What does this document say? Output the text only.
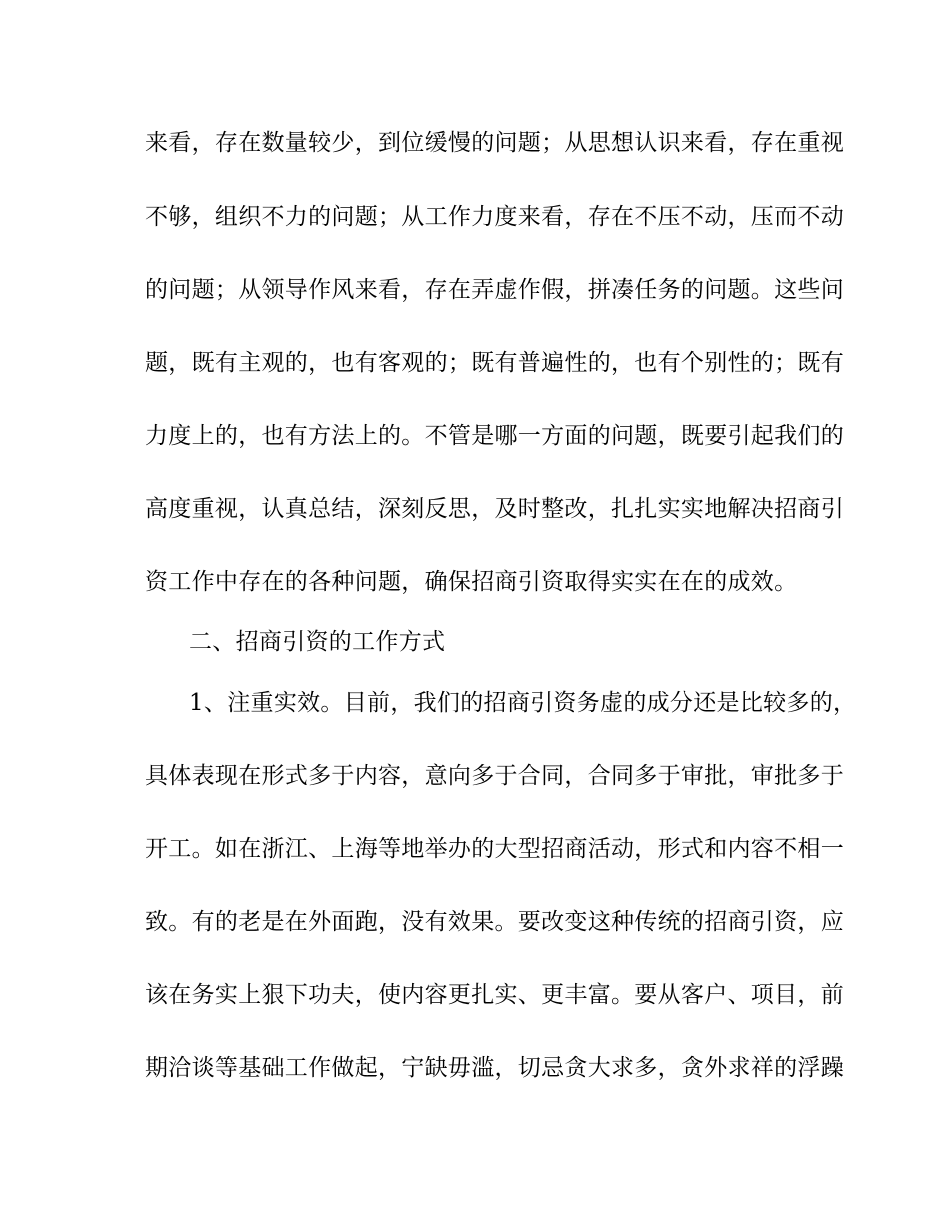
来看，存在数量较少，到位缓慢的问题；从思想认识来看，存在重视
不够，组织不力的问题；从工作力度来看，存在不压不动，压而不动
的问题；从领导作风来看，存在弄虚作假，拼凑任务的问题。这些问
题，既有主观的，也有客观的；既有普遍性的，也有个别性的；既有
力度上的，也有方法上的。不管是哪一方面的问题，既要引起我们的
高度重视，认真总结，深刻反思，及时整改，扎扎实实地解决招商引
资工作中存在的各种问题，确保招商引资取得实实在在的成效。
二、招商引资的工作方式
1、注重实效。目前，我们的招商引资务虚的成分还是比较多的，
具体表现在形式多于内容，意向多于合同，合同多于审批，审批多于
开工。如在浙江、上海等地举办的大型招商活动，形式和内容不相一
致。有的老是在外面跑，没有效果。要改变这种传统的招商引资，应
该在务实上狠下功夫，使内容更扎实、更丰富。要从客户、项目，前
期洽谈等基础工作做起，宁缺毋滥，切忌贪大求多，贪外求祥的浮躁
